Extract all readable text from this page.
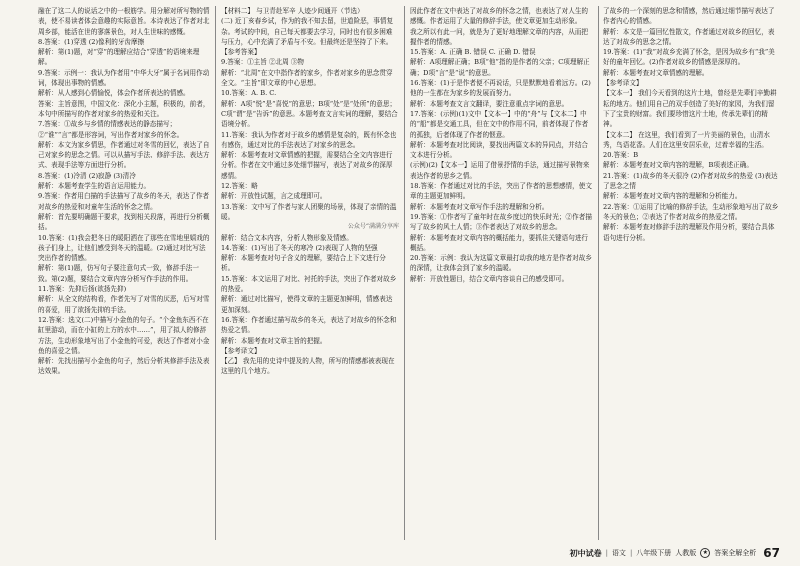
融在了这二人的说话之中的一根筋学。用分解对所写物的情表，使不易读者体会意趣的实际意旨。本诗表达了作者对北周乡部，能活在世的寥落景色，对人生世味的感慨。

8.答案：(1)穿透 (2)像利的牙齿摩擦

解析：第(1)题，对“穿”的理解应结合“穿透”的语境来理解。

9.答案：示例一：我认为作者用“中华大牙”属于名词用作动词，体现出事物的情感。

解析：从人感到心情愉悦，体会作者所表达的情感。

答案：主旨意图，中国文化：深化小主题，积极的，前者，本句中所描写的作者对家乡的热爱和关注。

7.答案：①故乡与乡情的情感表达的静态描写；②“谁”“言”都是形容词，写出作者对家乡的怀念。

解析：本文为家乡情思，作者通过对冬雪的回忆，表达了自己对家乡的思念之情。可以从描写手法、修辞手法、表达方式、表现手法等方面进行分析。

8.答案：(1)冷清 (2)寂静 (3)清冷

解析：本题考查学生的语言运用能力。

9.答案：作者用白描的手法描写了故乡的冬天，表达了作者对故乡的热爱和对童年生活的怀念之情。

解析：首先要明确题干要求，找到相关段落，再进行分析概括。

10.答案：(1)我会把冬日的暖阳洒在了那些在雪地里嬉戏的孩子们身上，让他们感受到冬天的温暖。(2)通过对比写法突出作者的情感。

解析：第(1)题，仿写句子要注意句式一致，修辞手法一致。第(2)题，要结合文章内容分析写作手法的作用。

11.答案：先抑后扬(欲扬先抑)

解析：从全文的结构看，作者先写了对雪的厌恶，后写对雪的喜爱，用了欲扬先抑的手法。

12.答案：选文(二)中描写小金鱼的句子。“个金鱼东西不在缸里游动，而在小缸的上方的水中……”，用了拟人的修辞方法，生动形象地写出了小金鱼的可爱，表达了作者对小金鱼的喜爱之情。

解析：先找出描写小金鱼的句子，然后分析其修辞手法及表达效果。

【材料二】 与卫青赴军辛 人迹少间通开（节选）

(二) 近丁亥春乡试，作为的我不知去留，世道险恶，事情复杂。考试的中间，自己每天都要去学习，同时也有很多困难与压力，心中充满了矛盾与不安。但最终还是坚持了下来。

【参考答案】

9.答案：①主旨 ②北周 ③物

解析：“北周”在文中指作者的家乡，作者对家乡的思念贯穿全文。“主旨”即文章的中心思想。

10.答案：A. B. C.

解析：A项“悦”是“喜悦”的意思；B项“处”是“处所”的意思；C项“谓”是“告诉”的意思。本题考查文言实词的理解，要结合语境分析。

11.答案：我认为作者对于故乡的感情是复杂的，既有怀念也有感伤，通过对比的手法表达了对家乡的思念。

解析：本题考查对文章情感的把握，需要结合全文内容进行分析。作者在文中通过多处细节描写，表达了对故乡的深厚感情。

12.答案：略

解析：开放性试题，言之成理即可。

13.答案：文中写了作者与家人团聚的场景，体现了亲情的温暖。

公众号“满满分享库

解析：结合文本内容，分析人物形象及情感。

14.答案：(1)写出了冬天的寒冷 (2)表现了人物的坚强

解析：本题考查对句子含义的理解，要结合上下文进行分析。

15.答案：本文运用了对比、衬托的手法，突出了作者对故乡的热爱。

解析：通过对比描写，使得文章的主题更加鲜明，情感表达更加深刻。

16.答案：作者通过描写故乡的冬天，表达了对故乡的怀念和热爱之情。

解析：本题考查对文章主旨的把握。

【参考译文】

【乙】 我先用的史诗中提及的人物，所写的情感都被表现在这里的几个地方。

因此作者在文中表达了对故乡的怀念之情，也表达了对人生的感慨。作者运用了大量的修辞手法，使文章更加生动形象。

我之所以有此一问，就是为了更好地理解文章的内容，从而把握作者的情感。

15.答案：A. 正确 B. 错误 C. 正确 D. 错误

解析：A项理解正确；B项“他”指的是作者的父亲；C项理解正确；D项“言”是“说”的意思。

16.答案：(1)于是作者便不再说话，只是默默地看着远方。(2)他的一生都在为家乡的发展而努力。

解析：本题考查文言文翻译，要注意重点字词的意思。

17.答案：(示例)(1)文中【文本一】中的“舟”与【文本二】中的“船”都是交通工具，但在文中的作用不同，前者体现了作者的孤独，后者体现了作者的惬意。

解析：本题考查对比阅读，要找出两篇文本的异同点，并结合文本进行分析。

(示例)(2)【文本一】运用了借景抒情的手法，通过描写景物来表达作者的思乡之情。

18.答案：作者通过对比的手法，突出了作者的思想感情，使文章的主题更加鲜明。

解析：本题考查对文章写作手法的理解和分析。

19.答案：①作者写了童年时在故乡度过的快乐时光；②作者描写了故乡的风土人情；③作者表达了对故乡的思念。

解析：本题考查对文章内容的概括能力，要抓住关键语句进行概括。

20.答案：示例：我认为这篇文章最打动我的地方是作者对故乡的深情，让我体会到了家乡的温暖。

解析：开放性题目，结合文章内容谈自己的感受即可。

了故乡的一个深刻的思念和情感，然后通过细节描写表达了作者内心的情感。

解析：本文是一篇回忆性散文，作者通过对故乡的回忆，表达了对故乡的思念之情。

19.答案：(1)“我”对故乡充满了怀念，是因为故乡有“我”美好的童年回忆。(2)作者对故乡的情感是深厚的。

解析：本题考查对文章情感的理解。

【参考译文】

【文本一】 我们今天看到的这片土地，曾经是先辈们辛勤耕耘的地方。他们用自己的双手创造了美好的家园，为我们留下了宝贵的财富。我们要珍惜这片土地，传承先辈们的精神。

【文本二】 在这里，我们看到了一片美丽的景色，山清水秀，鸟语花香。人们在这里安居乐业，过着幸福的生活。

20.答案：B

解析：本题考查对文章内容的理解，B项表述正确。

21.答案：(1)故乡的冬天很冷 (2)作者对故乡的热爱 (3)表达了思念之情

解析：本题考查对文章内容的理解和分析能力。

22.答案：①运用了比喻的修辞手法，生动形象地写出了故乡冬天的景色；②表达了作者对故乡的热爱之情。

解析：本题考查对修辞手法的理解及作用分析，要结合具体语句进行分析。

初中试卷 | 语文 | 八年级下册 人教版	★ 答案全解全析 67
